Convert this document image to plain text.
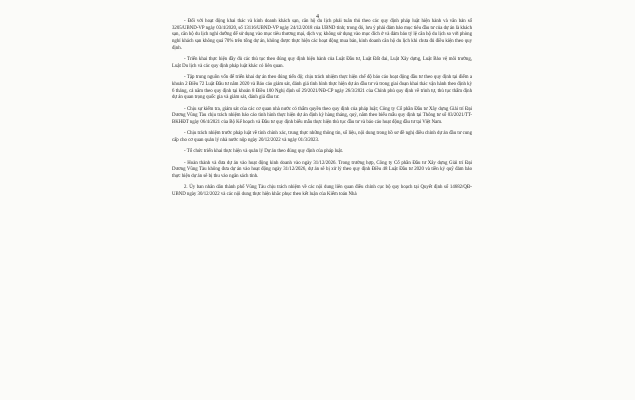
4

- Đối với hoạt động khai thác và kinh doanh khách sạn, căn hộ du lịch phải tuân thủ theo các quy định pháp luật hiện hành và văn bản số 3205/UBND-VP ngày 03/4/2020, số 13116/UBND-VP ngày 24/12/2018 của UBND tỉnh; trong đó, lưu ý phải đảm bảo mục tiêu đầu tư của dự án là khách sạn, căn hộ du lịch nghỉ dưỡng để sử dụng vào mục tiêu thương mại, dịch vụ; không sử dụng vào mục đích ở và đảm bảo tỷ lệ căn hộ du lịch so với phòng nghỉ khách sạn không quá 70% trên tổng dự án, không được thực hiện các hoạt động mua bán, kinh doanh căn hộ du lịch khi chưa đủ điều kiện theo quy định.

- Triển khai thực hiện đầy đủ các thủ tục theo đúng quy định hiện hành của Luật Đầu tư, Luật Đất đai, Luật Xây dựng, Luật Bảo vệ môi trường, Luật Du lịch và các quy định pháp luật khác có liên quan.

- Tập trung nguồn vốn để triển khai dự án theo đúng tiến độ; chịu trách nhiệm thực hiện chế độ báo cáo hoạt động đầu tư theo quy định tại điểm a khoản 2 Điều 72 Luật Đầu tư năm 2020 và Báo cáo giám sát, đánh giá tình hình thực hiện dự án đầu tư và trong giai đoạn khai thác vận hành theo định kỳ 6 tháng, cả năm theo quy định tại khoản 8 Điều 100 Nghị định số 29/2021/NĐ-CP ngày 26/3/2021 của Chính phủ quy định về trình tự, thủ tục thẩm định dự án quan trọng quốc gia và giám sát, đánh giá đầu tư.

- Chịu sự kiểm tra, giám sát của các cơ quan nhà nước có thẩm quyền theo quy định của pháp luật; Công ty Cổ phần Đầu tư Xây dựng Giải trí Đại Dương Vũng Tàu chịu trách nhiệm báo cáo tình hình thực hiện dự án định kỳ hàng tháng, quý, năm theo biểu mẫu quy định tại Thông tư số 03/2021/TT-BKHĐT ngày 06/4/2021 của Bộ Kế hoạch và Đầu tư quy định biểu mẫu thực hiện thủ tục đầu tư và báo cáo hoạt động đầu tư tại Việt Nam.

- Chịu trách nhiệm trước pháp luật về tính chính xác, trung thực những thông tin, số liệu, nội dung trong hồ sơ đề nghị điều chỉnh dự án đầu tư cung cấp cho cơ quan quản lý nhà nước nộp ngày 20/12/2022 và ngày 01/3/2023.

- Tổ chức triển khai thực hiện và quản lý Dự án theo đúng quy định của pháp luật.

- Hoàn thành và đưa dự án vào hoạt động kinh doanh vào ngày 31/12/2026. Trong trường hợp, Công ty Cổ phần Đầu tư Xây dựng Giải trí Đại Dương Vũng Tàu không đưa dự án vào hoạt động ngày 31/12/2026, dự án sẽ bị xử lý theo quy định Điều 48 Luật Đầu tư 2020 và tiền ký quỹ đảm bảo thực hiện dự án sẽ bị thu vào ngân sách tỉnh.

2. Ủy ban nhân dân thành phố Vũng Tàu chịu trách nhiệm về các nội dung liên quan điều chỉnh cục bộ quy hoạch tại Quyết định số 14682/QĐ-UBND ngày 30/12/2022 và các nội dung thực hiện khắc phục theo kết luận của Kiểm toán Nhà
